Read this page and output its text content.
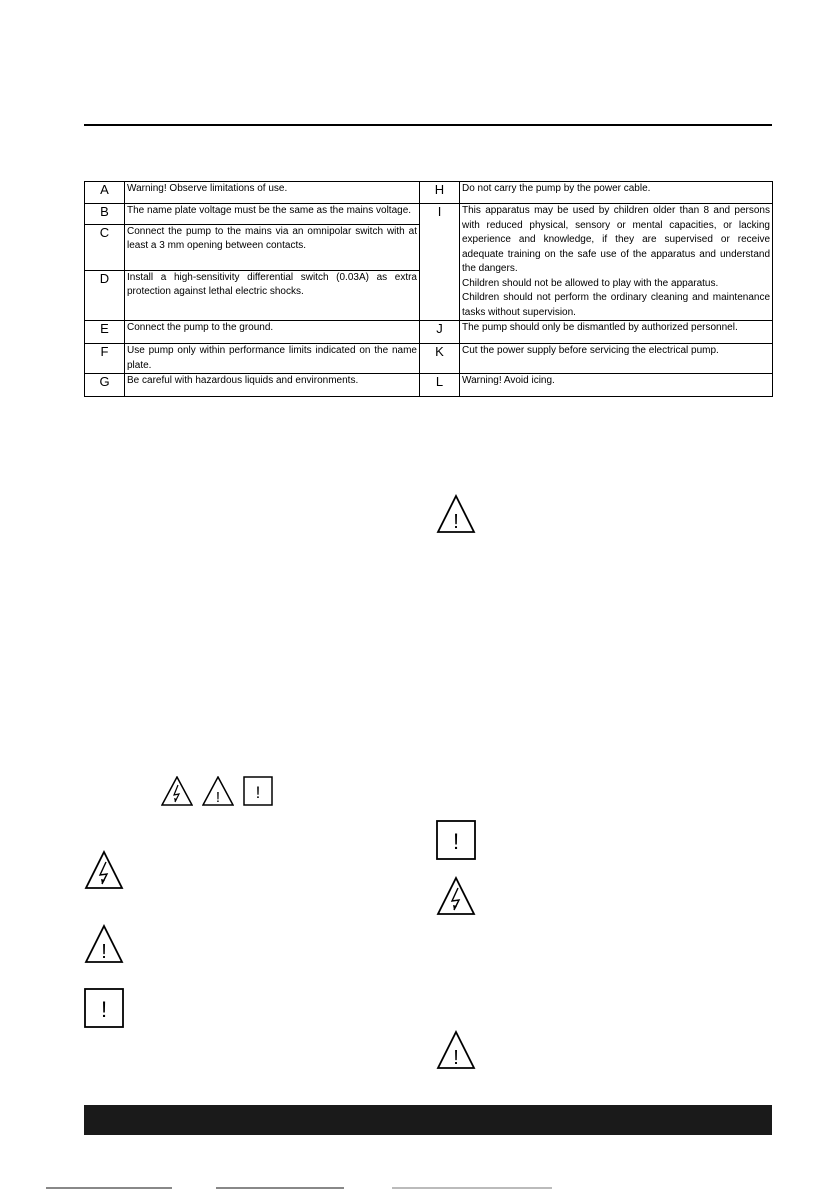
A	Warning! Observe limitations of use.	H	Do not carry the pump by the power cable.
B	The name plate voltage must be the same as the mains voltage.	I	This apparatus may be used by children older than 8 and persons with reduced physical, sensory or mental capacities, or lacking experience and knowledge, if they are supervised or receive adequate training on the safe use of the apparatus and understand the dangers.
Children should not be allowed to play with the apparatus.
Children should not perform the ordinary cleaning and maintenance tasks without supervision.

C	Connect the pump to the mains via an omnipolar switch with at least a 3 mm opening between contacts.		
D	Install a high-sensitivity differential switch (0.03A) as extra protection against lethal electric shocks.		
E	Connect the pump to the ground.	J	The pump should only be dismantled by authorized personnel.
F	Use pump only within performance limits indicated on the name plate.	K	Cut the power supply before servicing the electrical pump.
G	Be careful with hazardous liquids and environments.	L	Warning! Avoid icing.
!
! !
!
!
!
!
